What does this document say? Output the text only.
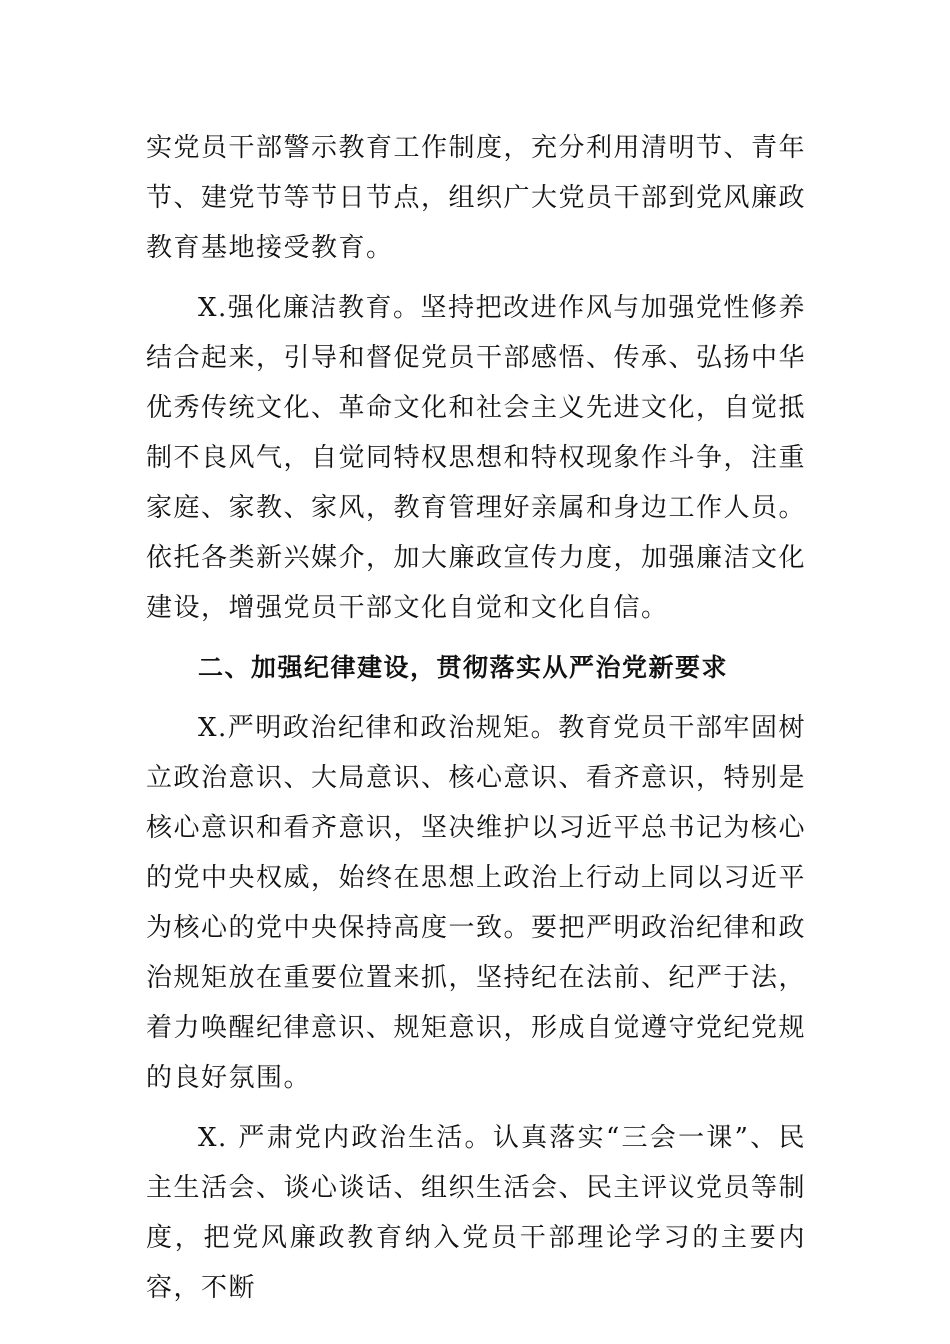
实党员干部警示教育工作制度，充分利用清明节、青年节、建党节等节日节点，组织广大党员干部到党风廉政教育基地接受教育。

X.强化廉洁教育。坚持把改进作风与加强党性修养结合起来，引导和督促党员干部感悟、传承、弘扬中华优秀传统文化、革命文化和社会主义先进文化，自觉抵制不良风气，自觉同特权思想和特权现象作斗争，注重家庭、家教、家风，教育管理好亲属和身边工作人员。依托各类新兴媒介，加大廉政宣传力度，加强廉洁文化建设，增强党员干部文化自觉和文化自信。

二、加强纪律建设，贯彻落实从严治党新要求

X.严明政治纪律和政治规矩。教育党员干部牢固树立政治意识、大局意识、核心意识、看齐意识，特别是核心意识和看齐意识，坚决维护以习近平总书记为核心的党中央权威，始终在思想上政治上行动上同以习近平为核心的党中央保持高度一致。要把严明政治纪律和政治规矩放在重要位置来抓，坚持纪在法前、纪严于法，着力唤醒纪律意识、规矩意识，形成自觉遵守党纪党规的良好氛围。

X. 严肃党内政治生活。认真落实“三会一课”、民主生活会、谈心谈话、组织生活会、民主评议党员等制度，把党风廉政教育纳入党员干部理论学习的主要内容，不断
